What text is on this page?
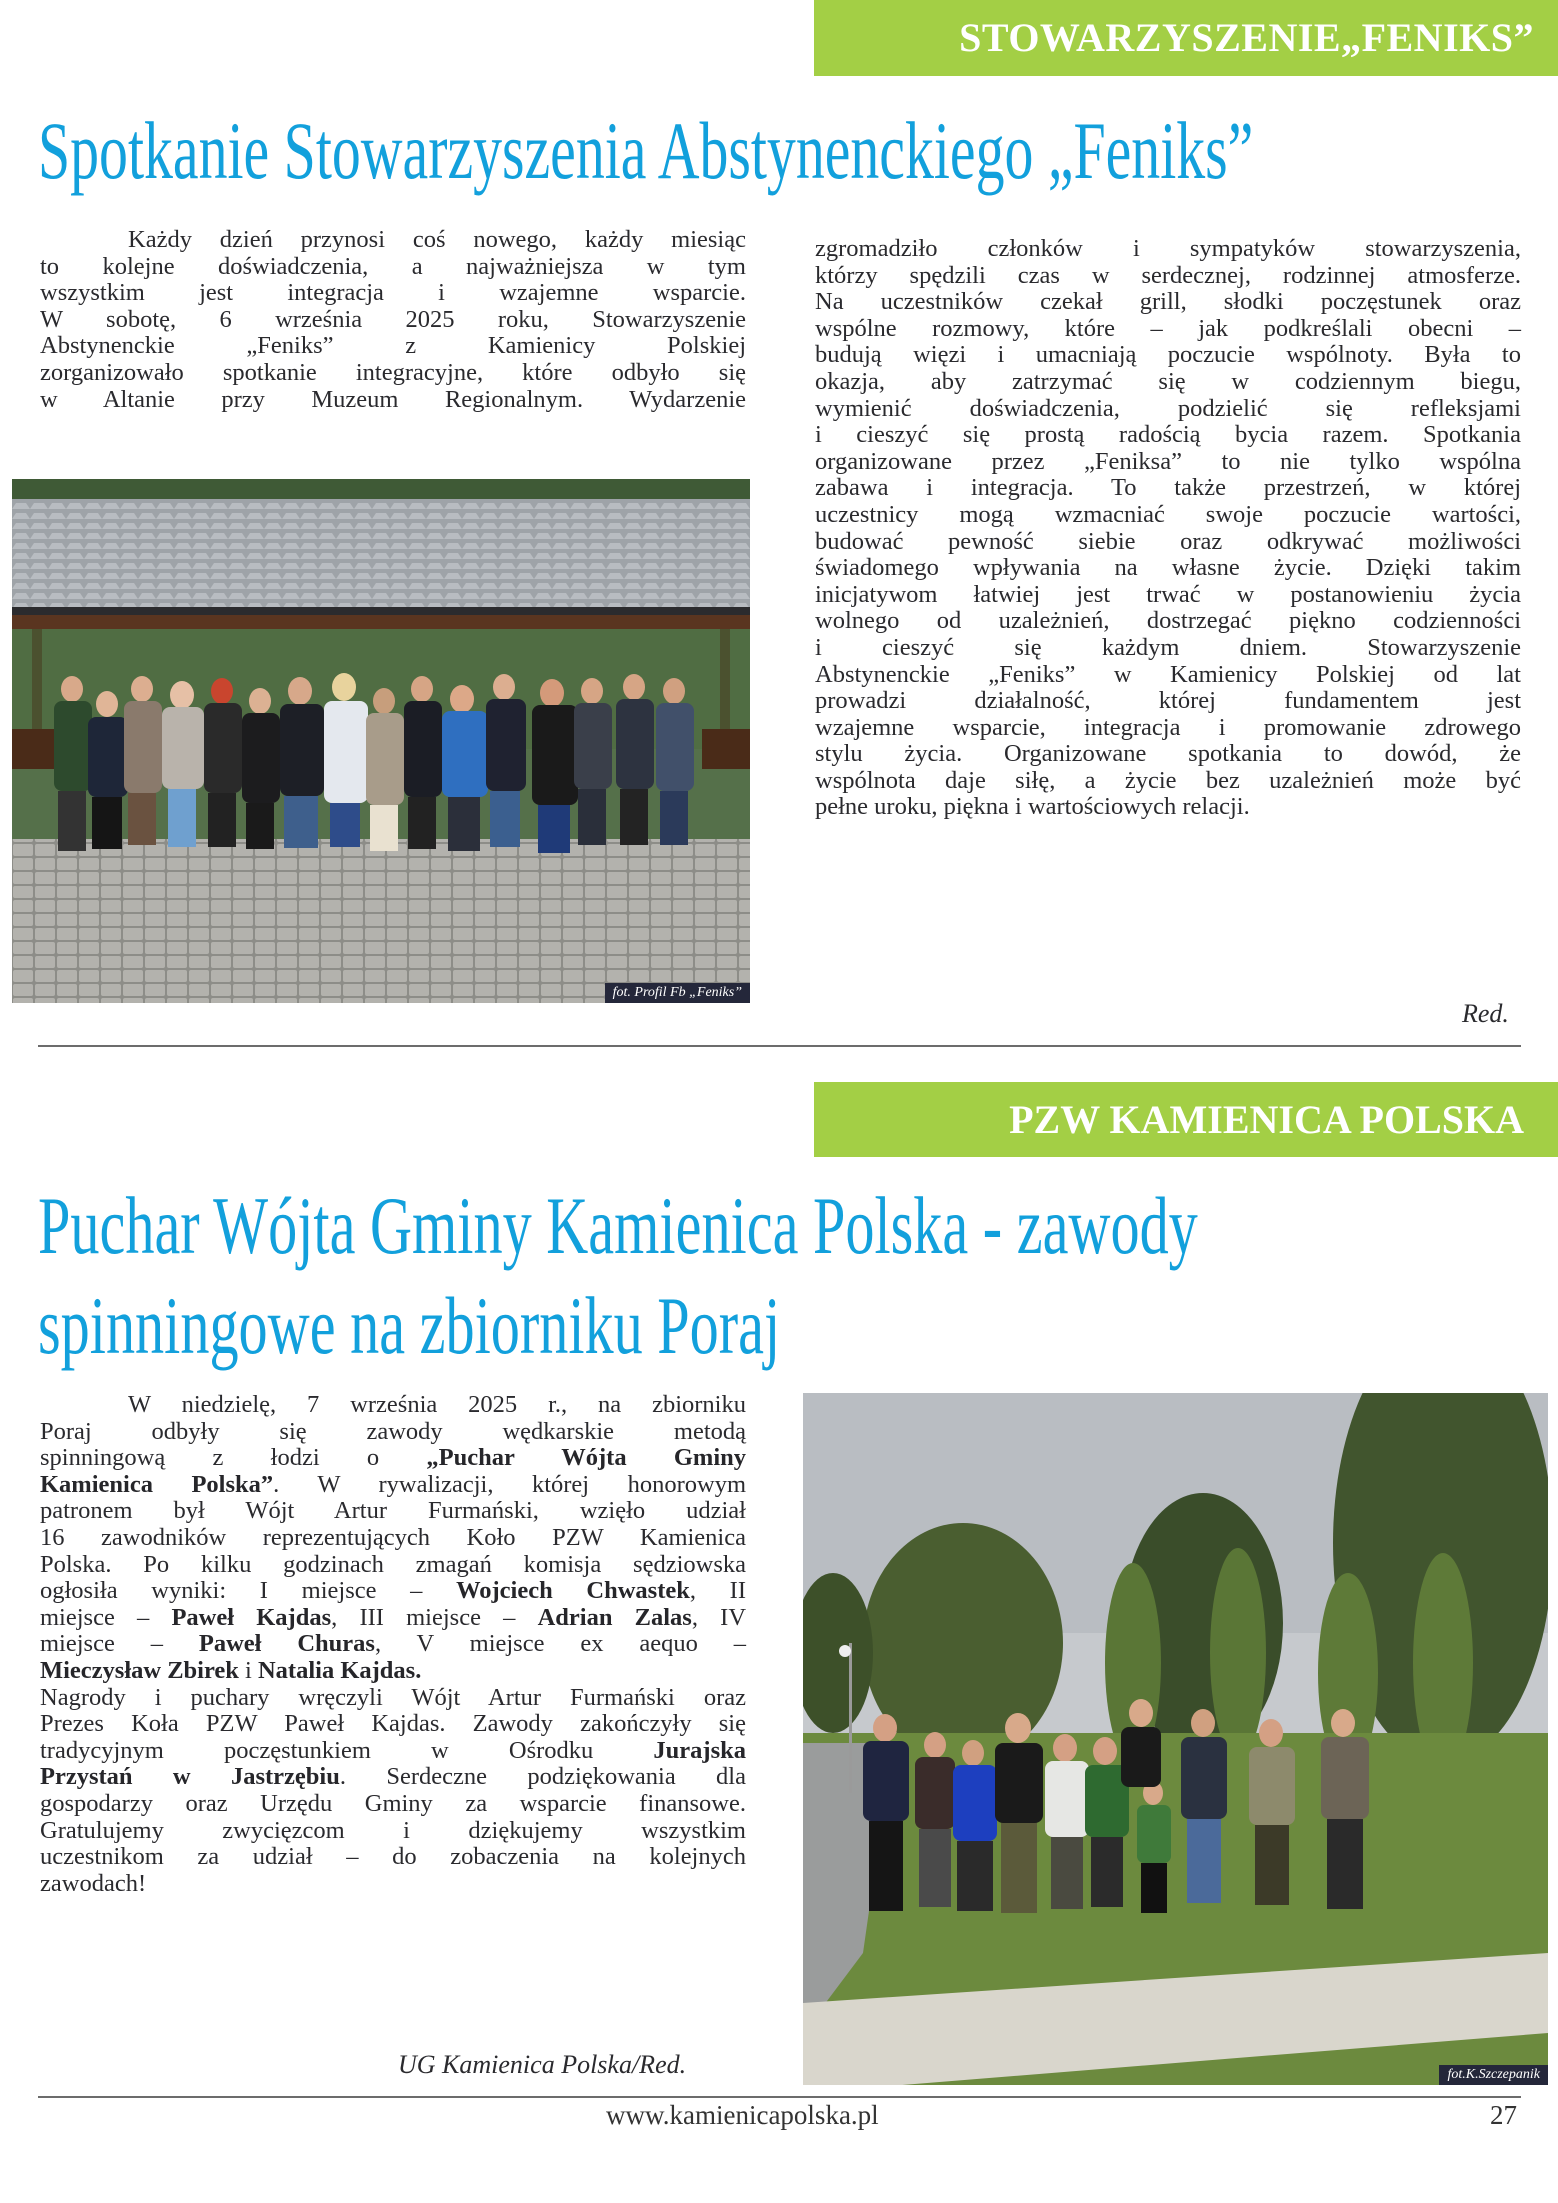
STOWARZYSZENIE„FENIKS”
Spotkanie Stowarzyszenia Abstynenckiego „Feniks”
Każdy dzień przynosi coś nowego, każdy miesiąc
to kolejne doświadczenia, a najważniejsza w tym
wszystkim jest integracja i wzajemne wsparcie.
W sobotę, 6 września 2025 roku, Stowarzyszenie
Abstynenckie „Feniks” z Kamienicy Polskiej
zorganizowało spotkanie integracyjne, które odbyło się
w Altanie przy Muzeum Regionalnym. Wydarzenie
fot. Profil Fb „Feniks”
zgromadziło członków i sympatyków stowarzyszenia,
którzy spędzili czas w serdecznej, rodzinnej atmosferze.
Na uczestników czekał grill, słodki poczęstunek oraz
wspólne rozmowy, które – jak podkreślali obecni –
budują więzi i umacniają poczucie wspólnoty. Była to
okazja, aby zatrzymać się w codziennym biegu,
wymienić doświadczenia, podzielić się refleksjami
i cieszyć się prostą radością bycia razem. Spotkania
organizowane przez „Feniksa” to nie tylko wspólna
zabawa i integracja. To także przestrzeń, w której
uczestnicy mogą wzmacniać swoje poczucie wartości,
budować pewność siebie oraz odkrywać możliwości
świadomego wpływania na własne życie. Dzięki takim
inicjatywom łatwiej jest trwać w postanowieniu życia
wolnego od uzależnień, dostrzegać piękno codzienności
i cieszyć się każdym dniem. Stowarzyszenie
Abstynenckie „Feniks” w Kamienicy Polskiej od lat
prowadzi działalność, której fundamentem jest
wzajemne wsparcie, integracja i promowanie zdrowego
stylu życia. Organizowane spotkania to dowód, że
wspólnota daje siłę, a życie bez uzależnień może być
pełne uroku, piękna i wartościowych relacji.
Red.
PZW KAMIENICA POLSKA
Puchar Wójta Gminy Kamienica Polska - zawody
spinningowe na zbiorniku Poraj
W niedzielę, 7 września 2025 r., na zbiorniku
Poraj odbyły się zawody wędkarskie metodą
spinningową z łodzi o „Puchar Wójta Gminy
Kamienica Polska”. W rywalizacji, której honorowym
patronem był Wójt Artur Furmański, wzięło udział
16 zawodników reprezentujących Koło PZW Kamienica
Polska. Po kilku godzinach zmagań komisja sędziowska
ogłosiła wyniki: I miejsce – Wojciech Chwastek, II
miejsce – Paweł Kajdas, III miejsce – Adrian Zalas, IV
miejsce – Paweł Churas, V miejsce ex aequo –
Mieczysław Zbirek i Natalia Kajdas.
Nagrody i puchary wręczyli Wójt Artur Furmański oraz
Prezes Koła PZW Paweł Kajdas. Zawody zakończyły się
tradycyjnym poczęstunkiem w Ośrodku Jurajska
Przystań w Jastrzębiu. Serdeczne podziękowania dla
gospodarzy oraz Urzędu Gminy za wsparcie finansowe.
Gratulujemy zwycięzcom i dziękujemy wszystkim
uczestnikom za udział – do zobaczenia na kolejnych
zawodach!
UG Kamienica Polska/Red.	fot.K.Szczepanik
www.kamienicapolska.pl	27
